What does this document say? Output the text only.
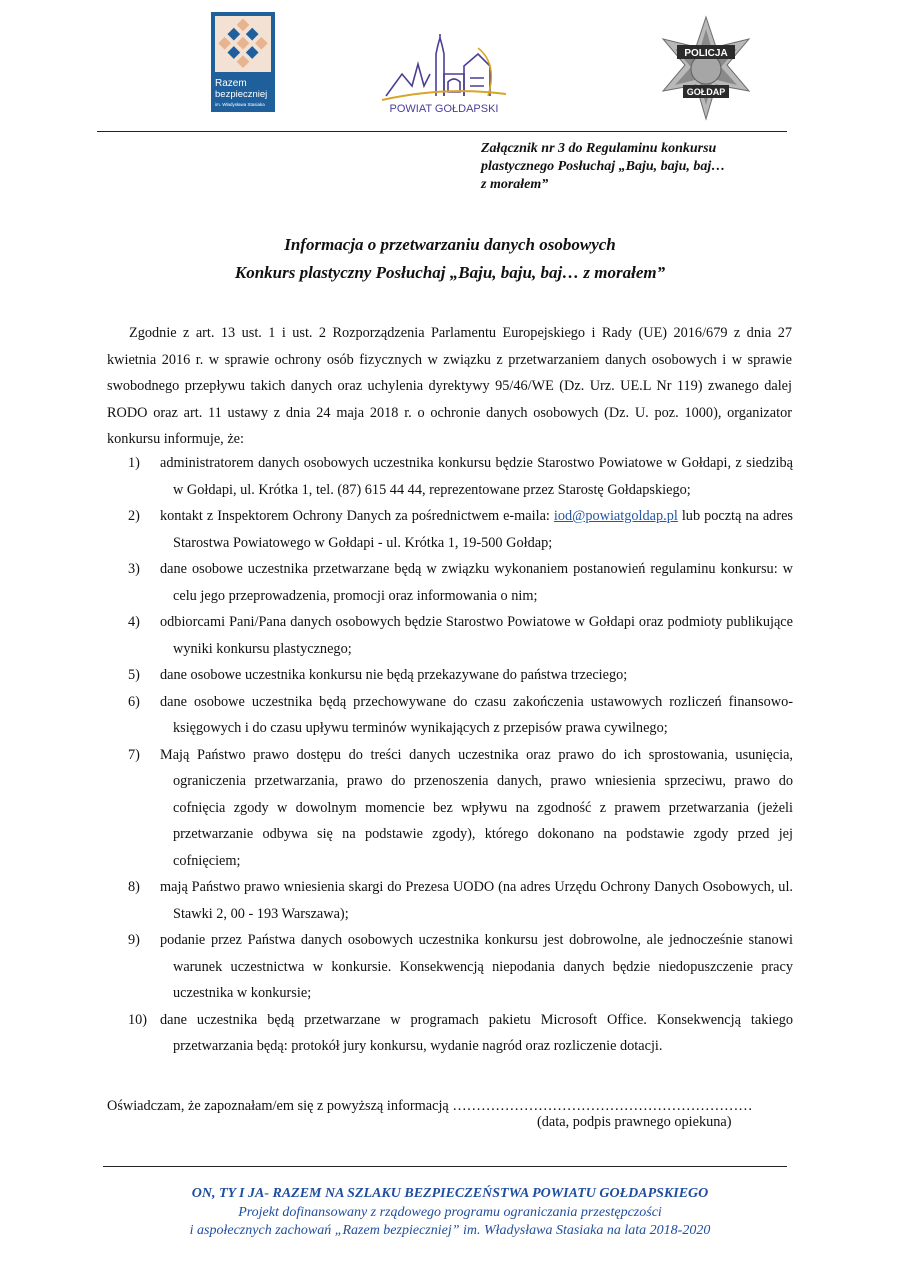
Razem
bezpieczniej
im. Władysława Stasiaka	POWIAT GOŁDAPSKI
POLICJA
GOŁDAP
Załącznik nr 3 do Regulaminu konkursu
plastycznego Posłuchaj „Baju, baju, baj…
z morałem”
Informacja o przetwarzaniu danych osobowych
Konkurs plastyczny Posłuchaj „Baju, baju, baj… z morałem”

Zgodnie z art. 13 ust. 1 i ust. 2 Rozporządzenia Parlamentu Europejskiego i Rady (UE) 2016/679 z dnia 27 kwietnia 2016 r. w sprawie ochrony osób fizycznych w związku z przetwarzaniem danych osobowych i w sprawie swobodnego przepływu takich danych oraz uchylenia dyrektywy 95/46/WE (Dz. Urz. UE.L Nr 119) zwanego dalej RODO oraz art. 11 ustawy z dnia 24 maja 2018 r. o ochronie danych osobowych (Dz. U. poz. 1000), organizator konkursu informuje, że:

1) administratorem danych osobowych uczestnika konkursu będzie Starostwo Powiatowe w Gołdapi, z siedzibą w Gołdapi, ul. Krótka 1, tel. (87) 615 44 44, reprezentowane przez Starostę Gołdapskiego;
2) kontakt z Inspektorem Ochrony Danych za pośrednictwem e-maila: iod@powiatgoldap.pl lub pocztą na adres Starostwa Powiatowego w Gołdapi - ul. Krótka 1, 19-500 Gołdap;
3) dane osobowe uczestnika przetwarzane będą w związku wykonaniem postanowień regulaminu konkursu: w celu jego przeprowadzenia, promocji oraz informowania o nim;
4) odbiorcami Pani/Pana danych osobowych będzie Starostwo Powiatowe w Gołdapi oraz podmioty publikujące wyniki konkursu plastycznego;
5) dane osobowe uczestnika konkursu nie będą przekazywane do państwa trzeciego;
6) dane osobowe uczestnika będą przechowywane do czasu zakończenia ustawowych rozliczeń finansowo-księgowych i do czasu upływu terminów wynikających z przepisów prawa cywilnego;
7) Mają Państwo prawo dostępu do treści danych uczestnika oraz prawo do ich sprostowania, usunięcia, ograniczenia przetwarzania, prawo do przenoszenia danych, prawo wniesienia sprzeciwu, prawo do cofnięcia zgody w dowolnym momencie bez wpływu na zgodność z prawem przetwarzania (jeżeli przetwarzanie odbywa się na podstawie zgody), którego dokonano na podstawie zgody przed jej cofnięciem;
8) mają Państwo prawo wniesienia skargi do Prezesa UODO (na adres Urzędu Ochrony Danych Osobowych, ul. Stawki 2, 00 - 193 Warszawa);
9) podanie przez Państwa danych osobowych uczestnika konkursu jest dobrowolne, ale jednocześnie stanowi warunek uczestnictwa w konkursie. Konsekwencją niepodania danych będzie niedopuszczenie pracy uczestnika w konkursie;
10) dane uczestnika będą przetwarzane w programach pakietu Microsoft Office. Konsekwencją takiego przetwarzania będą: protokół jury konkursu, wydanie nagród oraz rozliczenie dotacji.
Oświadczam, że zapoznałam/em się z powyższą informacją ………………………………………………………
(data, podpis prawnego opiekuna)
ON, TY I JA- RAZEM NA SZLAKU BEZPIECZEŃSTWA POWIATU GOŁDAPSKIEGO
Projekt dofinansowany z rządowego programu ograniczania przestępczości
i aspołecznych zachowań „Razem bezpieczniej” im. Władysława Stasiaka na lata 2018-2020
